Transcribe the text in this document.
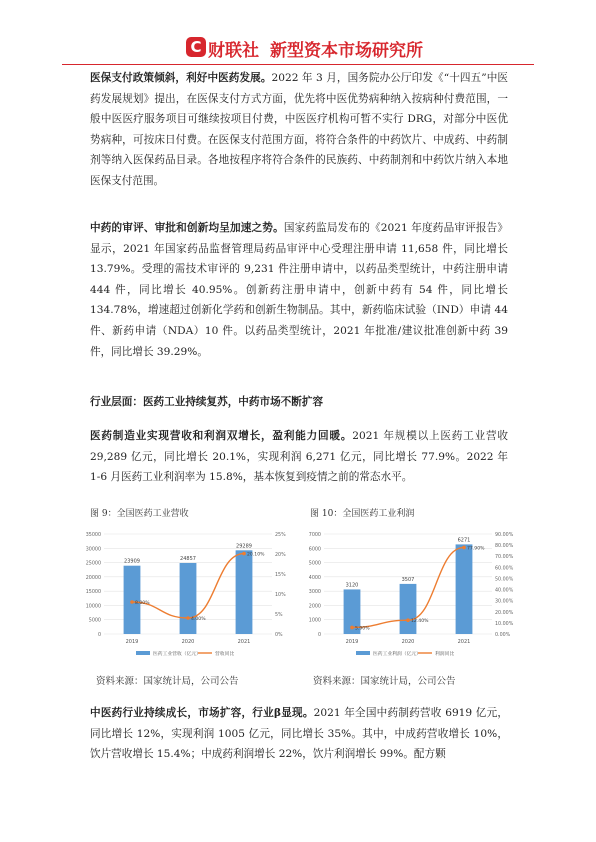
C 财联社 新型资本市场研究所

医保支付政策倾斜，利好中医药发展。2022 年 3 月，国务院办公厅印发《“十四五”中医药发展规划》提出，在医保支付方式方面，优先将中医优势病种纳入按病种付费范围，一般中医医疗服务项目可继续按项目付费，中医医疗机构可暂不实行 DRG，对部分中医优势病种，可按床日付费。在医保支付范围方面，将符合条件的中药饮片、中成药、中药制剂等纳入医保药品目录。各地按程序将符合条件的民族药、中药制剂和中药饮片纳入本地医保支付范围。

中药的审评、审批和创新均呈加速之势。国家药监局发布的《2021 年度药品审评报告》显示，2021 年国家药品监督管理局药品审评中心受理注册申请 11,658 件，同比增长 13.79%。受理的需技术审评的 9,231 件注册申请中，以药品类型统计，中药注册申请 444 件，同比增长 40.95%。创新药注册申请中，创新中药有 54 件，同比增长 134.78%，增速超过创新化学药和创新生物制品。其中，新药临床试验（IND）申请 44 件、新药申请（NDA）10 件。以药品类型统计，2021 年批准/建议批准创新中药 39 件，同比增长 39.29%。

行业层面：医药工业持续复苏，中药市场不断扩容

医药制造业实现营收和利润双增长，盈利能力回暖。2021 年规模以上医药工业营收 29,289 亿元，同比增长 20.1%，实现利润 6,271 亿元，同比增长 77.9%。2022 年 1-6 月医药工业利润率为 15.8%，基本恢复到疫情之前的常态水平。

图 9：全国医药工业营收	图 10：全国医药工业利润
0
5000
10000
15000
20000
25000
30000
35000
0%
5%
10%
15%
20%
25%
23909
2019
24857
2020
29289
2021
8.00%
4.00%
20.10%
医药工业营收（亿元）	营收同比
0
1000
2000
3000
4000
5000
6000
7000
0.00%
10.00%
20.00%
30.00%
40.00%
50.00%
60.00%
70.00%
80.00%
90.00%
3120
2019
3507
2020
6271
2021
5.90%
12.40%
77.90%
医药工业利润（亿元）	利润同比
资料来源：国家统计局，公司公告	资料来源：国家统计局，公司公告

中医药行业持续成长，市场扩容，行业β显现。2021 年全国中药制药营收 6919 亿元，同比增长 12%，实现利润 1005 亿元，同比增长 35%。其中，中成药营收增长 10%，饮片营收增长 15.4%；中成药利润增长 22%，饮片利润增长 99%。配方颗
